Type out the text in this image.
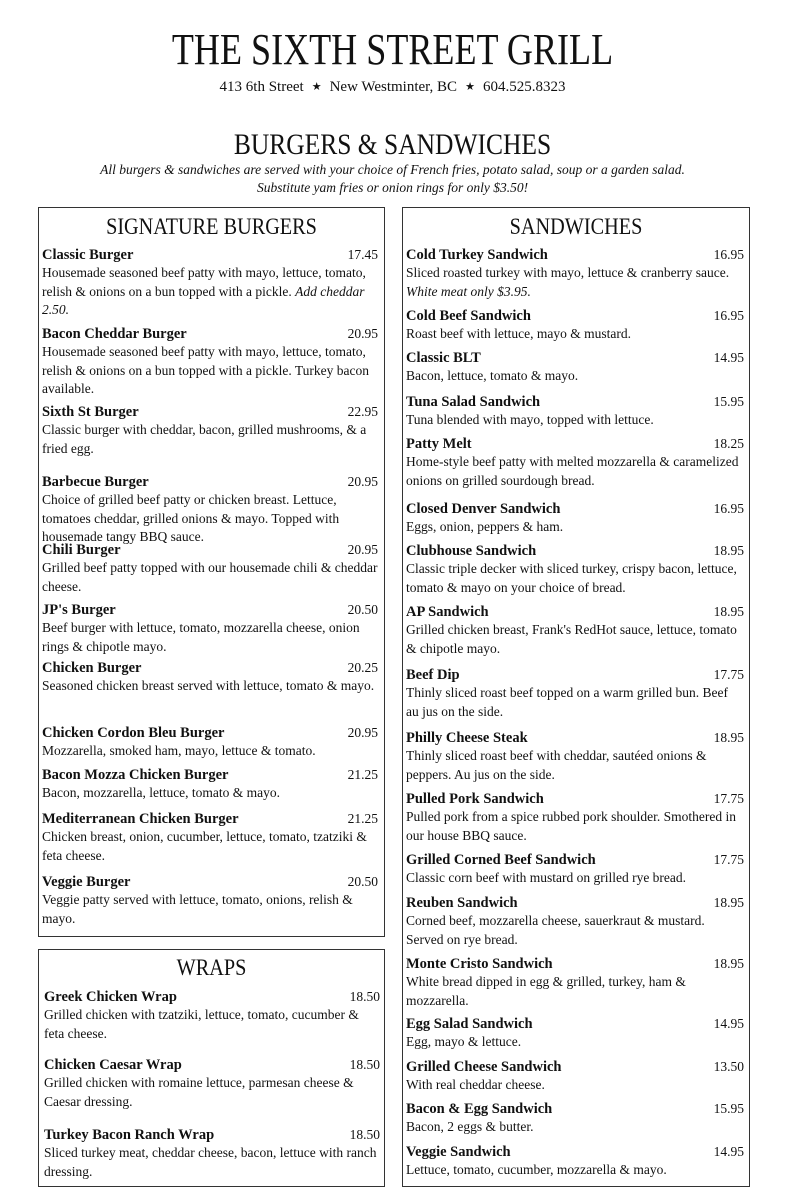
THE SIXTH STREET GRILL
413 6th Street ★ New Westminter, BC ★ 604.525.8323
BURGERS & SANDWICHES
All burgers & sandwiches are served with your choice of French fries, potato salad, soup or a garden salad.
Substitute yam fries or onion rings for only $3.50!
SIGNATURE BURGERS
Classic Burger	17.45
Housemade seasoned beef patty with mayo, lettuce, tomato, relish & onions on a bun topped with a pickle. Add cheddar 2.50.
Bacon Cheddar Burger	20.95
Housemade seasoned beef patty with mayo, lettuce, tomato, relish & onions on a bun topped with a pickle. Turkey bacon available.
Sixth St Burger	22.95
Classic burger with cheddar, bacon, grilled mushrooms, & a fried egg.
Barbecue Burger	20.95
Choice of grilled beef patty or chicken breast. Lettuce, tomatoes cheddar, grilled onions & mayo. Topped with housemade tangy BBQ sauce.
Chili Burger	20.95
Grilled beef patty topped with our housemade chili & cheddar cheese.
JP's Burger	20.50
Beef burger with lettuce, tomato, mozzarella cheese, onion rings & chipotle mayo.
Chicken Burger	20.25
Seasoned chicken breast served with lettuce, tomato & mayo.
Chicken Cordon Bleu Burger	20.95
Mozzarella, smoked ham, mayo, lettuce & tomato.
Bacon Mozza Chicken Burger	21.25
Bacon, mozzarella, lettuce, tomato & mayo.
Mediterranean Chicken Burger	21.25
Chicken breast, onion, cucumber, lettuce, tomato, tzatziki & feta cheese.
Veggie Burger	20.50
Veggie patty served with lettuce, tomato, onions, relish & mayo.
WRAPS
Greek Chicken Wrap	18.50
Grilled chicken with tzatziki, lettuce, tomato, cucumber & feta cheese.
Chicken Caesar Wrap	18.50
Grilled chicken with romaine lettuce, parmesan cheese & Caesar dressing.
Turkey Bacon Ranch Wrap	18.50
Sliced turkey meat, cheddar cheese, bacon, lettuce with ranch dressing.
SANDWICHES
Cold Turkey Sandwich	16.95
Sliced roasted turkey with mayo, lettuce & cranberry sauce. White meat only $3.95.
Cold Beef Sandwich	16.95
Roast beef with lettuce, mayo & mustard.
Classic BLT	14.95
Bacon, lettuce, tomato & mayo.
Tuna Salad Sandwich	15.95
Tuna blended with mayo, topped with lettuce.
Patty Melt	18.25
Home-style beef patty with melted mozzarella & caramelized onions on grilled sourdough bread.
Closed Denver Sandwich	16.95
Eggs, onion, peppers & ham.
Clubhouse Sandwich	18.95
Classic triple decker with sliced turkey, crispy bacon, lettuce, tomato & mayo on your choice of bread.
AP Sandwich	18.95
Grilled chicken breast, Frank's RedHot sauce, lettuce, tomato & chipotle mayo.
Beef Dip	17.75
Thinly sliced roast beef topped on a warm grilled bun. Beef au jus on the side.
Philly Cheese Steak	18.95
Thinly sliced roast beef with cheddar, sautéed onions & peppers. Au jus on the side.
Pulled Pork Sandwich	17.75
Pulled pork from a spice rubbed pork shoulder. Smothered in our house BBQ sauce.
Grilled Corned Beef Sandwich	17.75
Classic corn beef with mustard on grilled rye bread.
Reuben Sandwich	18.95
Corned beef, mozzarella cheese, sauerkraut & mustard. Served on rye bread.
Monte Cristo Sandwich	18.95
White bread dipped in egg & grilled, turkey, ham & mozzarella.
Egg Salad Sandwich	14.95
Egg, mayo & lettuce.
Grilled Cheese Sandwich	13.50
With real cheddar cheese.
Bacon & Egg Sandwich	15.95
Bacon, 2 eggs & butter.
Veggie Sandwich	14.95
Lettuce, tomato, cucumber, mozzarella & mayo.
